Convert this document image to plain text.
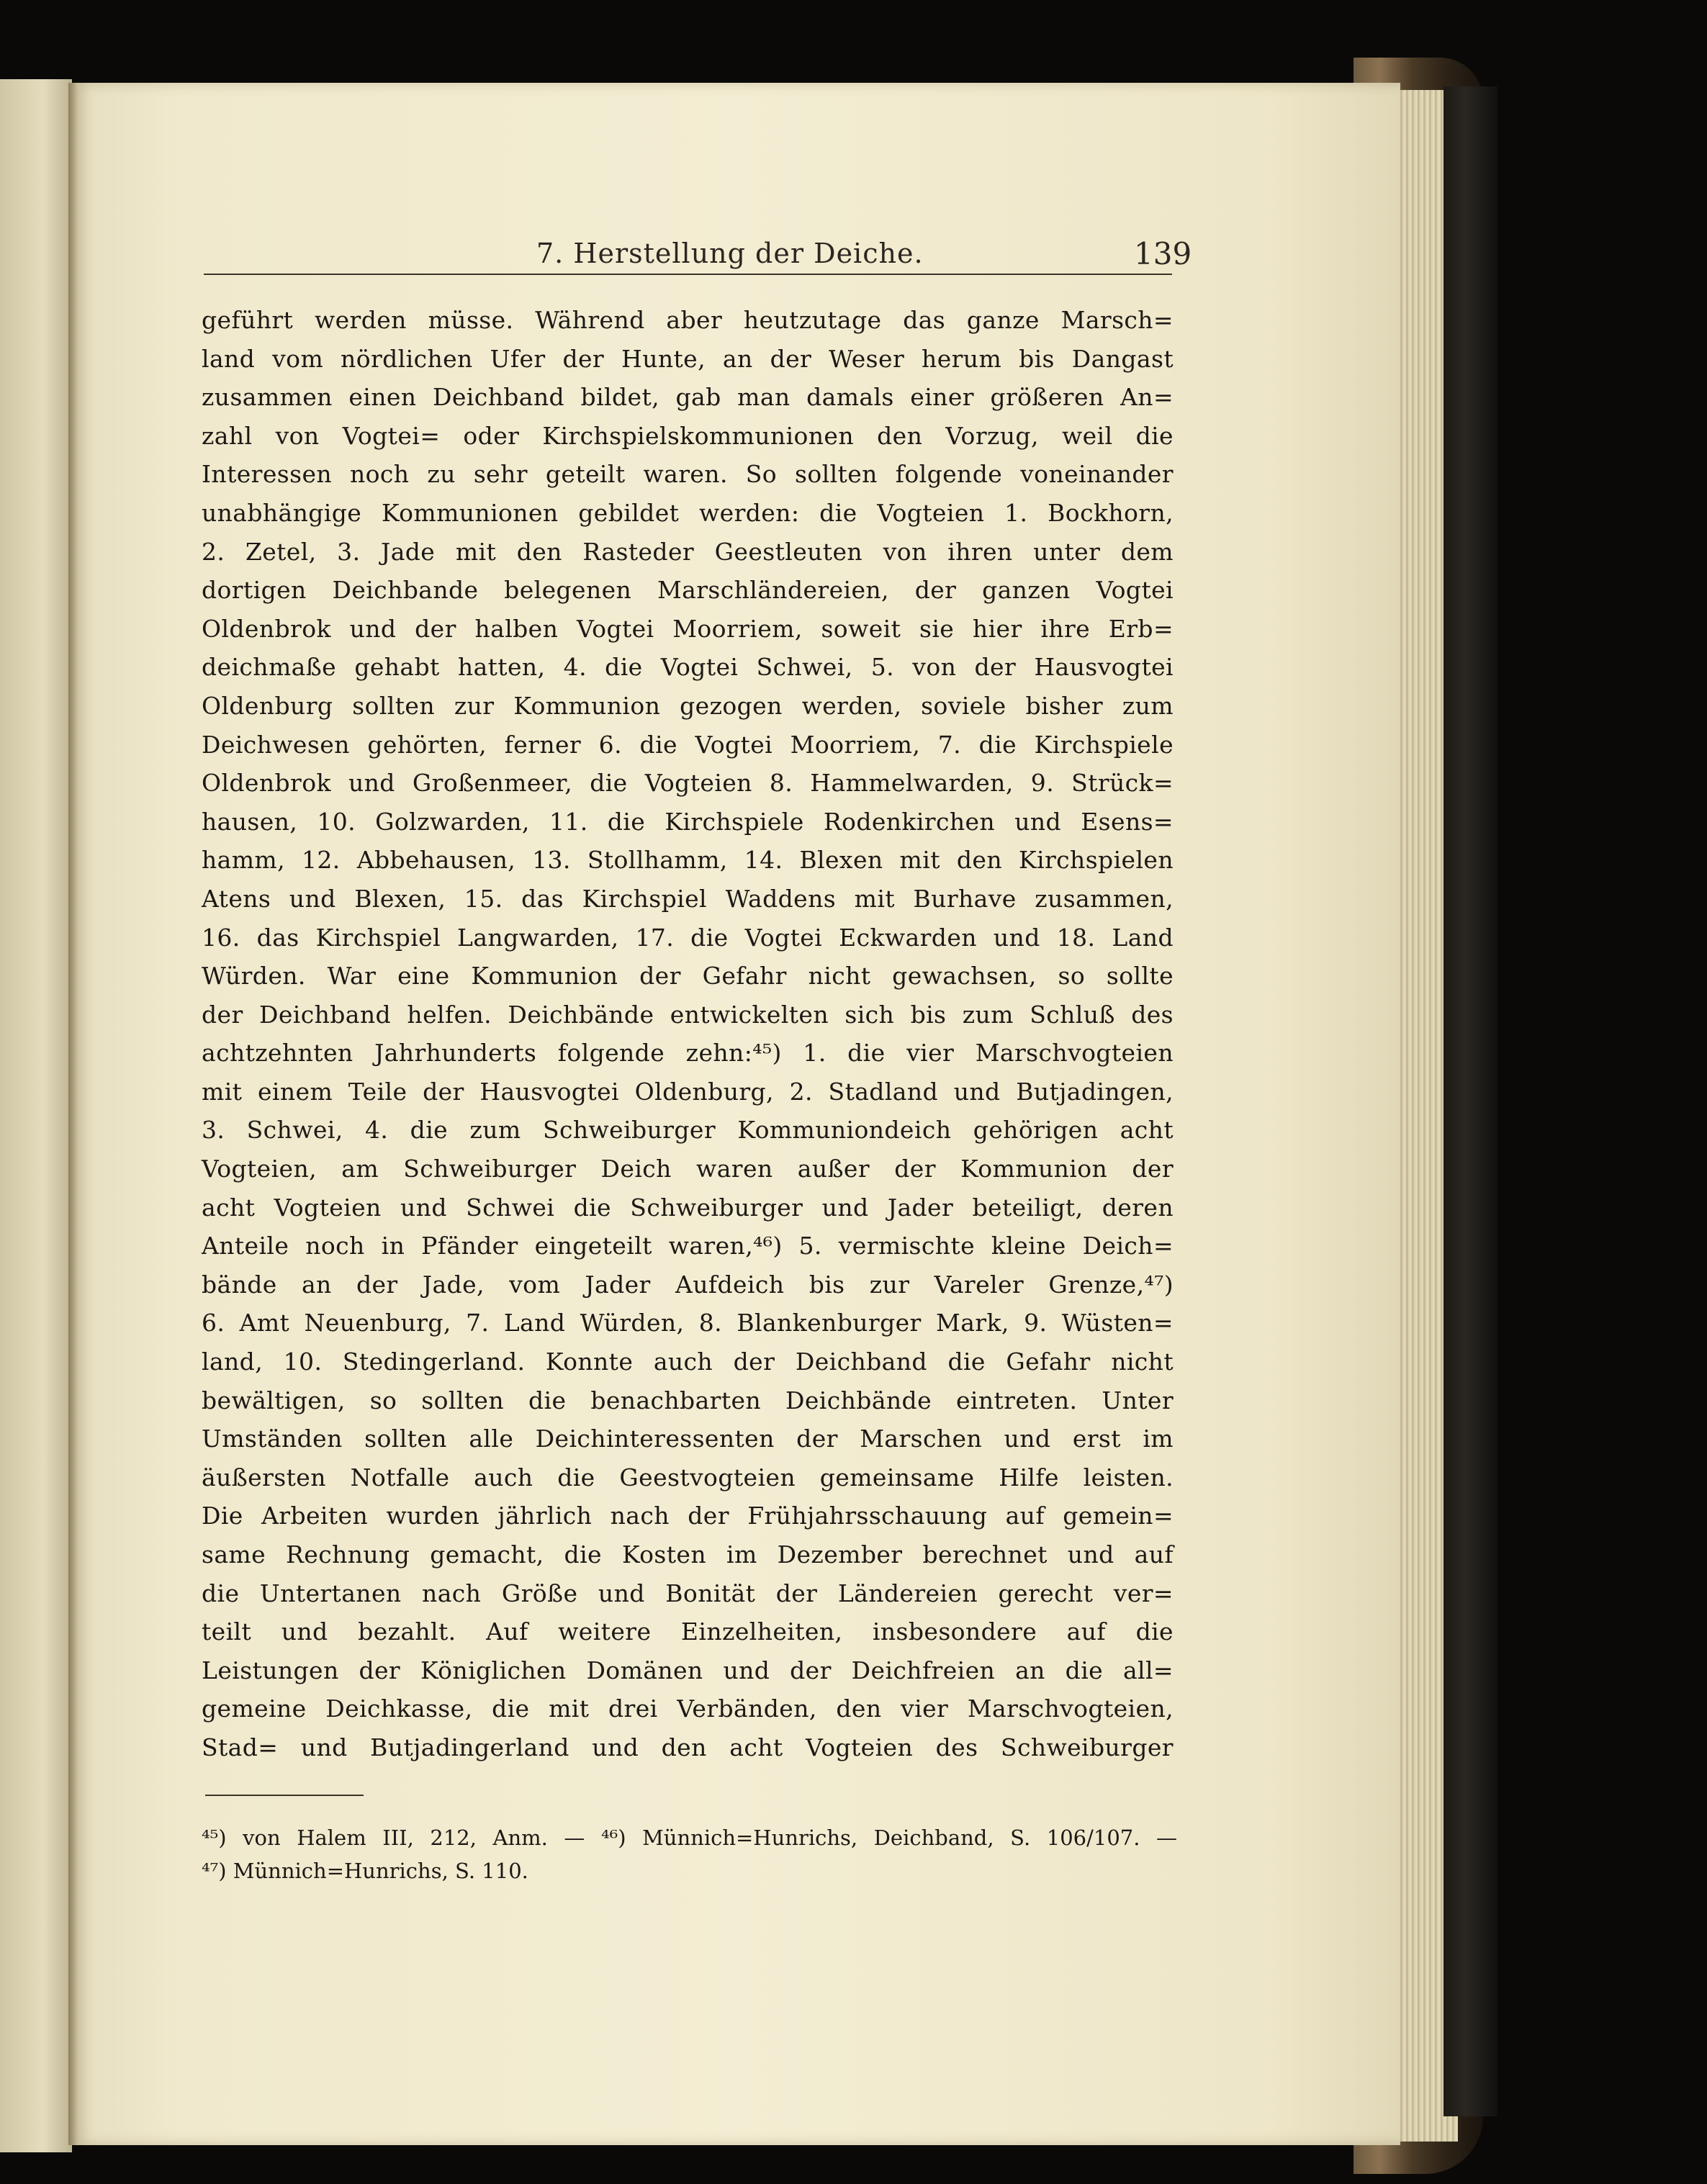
7. Herstellung der Deiche.	139
geführt werden müsse. Während aber heutzutage das ganze Marsch=
land vom nördlichen Ufer der Hunte, an der Weser herum bis Dangast
zusammen einen Deichband bildet, gab man damals einer größeren An=
zahl von Vogtei= oder Kirchspielskommunionen den Vorzug, weil die
Interessen noch zu sehr geteilt waren. So sollten folgende voneinander
unabhängige Kommunionen gebildet werden: die Vogteien 1. Bockhorn,
2. Zetel, 3. Jade mit den Rasteder Geestleuten von ihren unter dem
dortigen Deichbande belegenen Marschländereien, der ganzen Vogtei
Oldenbrok und der halben Vogtei Moorriem, soweit sie hier ihre Erb=
deichmaße gehabt hatten, 4. die Vogtei Schwei, 5. von der Hausvogtei
Oldenburg sollten zur Kommunion gezogen werden, soviele bisher zum
Deichwesen gehörten, ferner 6. die Vogtei Moorriem, 7. die Kirchspiele
Oldenbrok und Großenmeer, die Vogteien 8. Hammelwarden, 9. Strück=
hausen, 10. Golzwarden, 11. die Kirchspiele Rodenkirchen und Esens=
hamm, 12. Abbehausen, 13. Stollhamm, 14. Blexen mit den Kirchspielen
Atens und Blexen, 15. das Kirchspiel Waddens mit Burhave zusammen,
16. das Kirchspiel Langwarden, 17. die Vogtei Eckwarden und 18. Land
Würden. War eine Kommunion der Gefahr nicht gewachsen, so sollte
der Deichband helfen. Deichbände entwickelten sich bis zum Schluß des
achtzehnten Jahrhunderts folgende zehn:⁴⁵) 1. die vier Marschvogteien
mit einem Teile der Hausvogtei Oldenburg, 2. Stadland und Butjadingen,
3. Schwei, 4. die zum Schweiburger Kommuniondeich gehörigen acht
Vogteien, am Schweiburger Deich waren außer der Kommunion der
acht Vogteien und Schwei die Schweiburger und Jader beteiligt, deren
Anteile noch in Pfänder eingeteilt waren,⁴⁶) 5. vermischte kleine Deich=
bände an der Jade, vom Jader Aufdeich bis zur Vareler Grenze,⁴⁷)
6. Amt Neuenburg, 7. Land Würden, 8. Blankenburger Mark, 9. Wüsten=
land, 10. Stedingerland. Konnte auch der Deichband die Gefahr nicht
bewältigen, so sollten die benachbarten Deichbände eintreten. Unter
Umständen sollten alle Deichinteressenten der Marschen und erst im
äußersten Notfalle auch die Geestvogteien gemeinsame Hilfe leisten.
Die Arbeiten wurden jährlich nach der Frühjahrsschauung auf gemein=
same Rechnung gemacht, die Kosten im Dezember berechnet und auf
die Untertanen nach Größe und Bonität der Ländereien gerecht ver=
teilt und bezahlt. Auf weitere Einzelheiten, insbesondere auf die
Leistungen der Königlichen Domänen und der Deichfreien an die all=
gemeine Deichkasse, die mit drei Verbänden, den vier Marschvogteien,
Stad= und Butjadingerland und den acht Vogteien des Schweiburger
⁴⁵) von Halem III, 212, Anm. — ⁴⁶) Münnich=Hunrichs, Deichband, S. 106/107. —
⁴⁷) Münnich=Hunrichs, S. 110.
